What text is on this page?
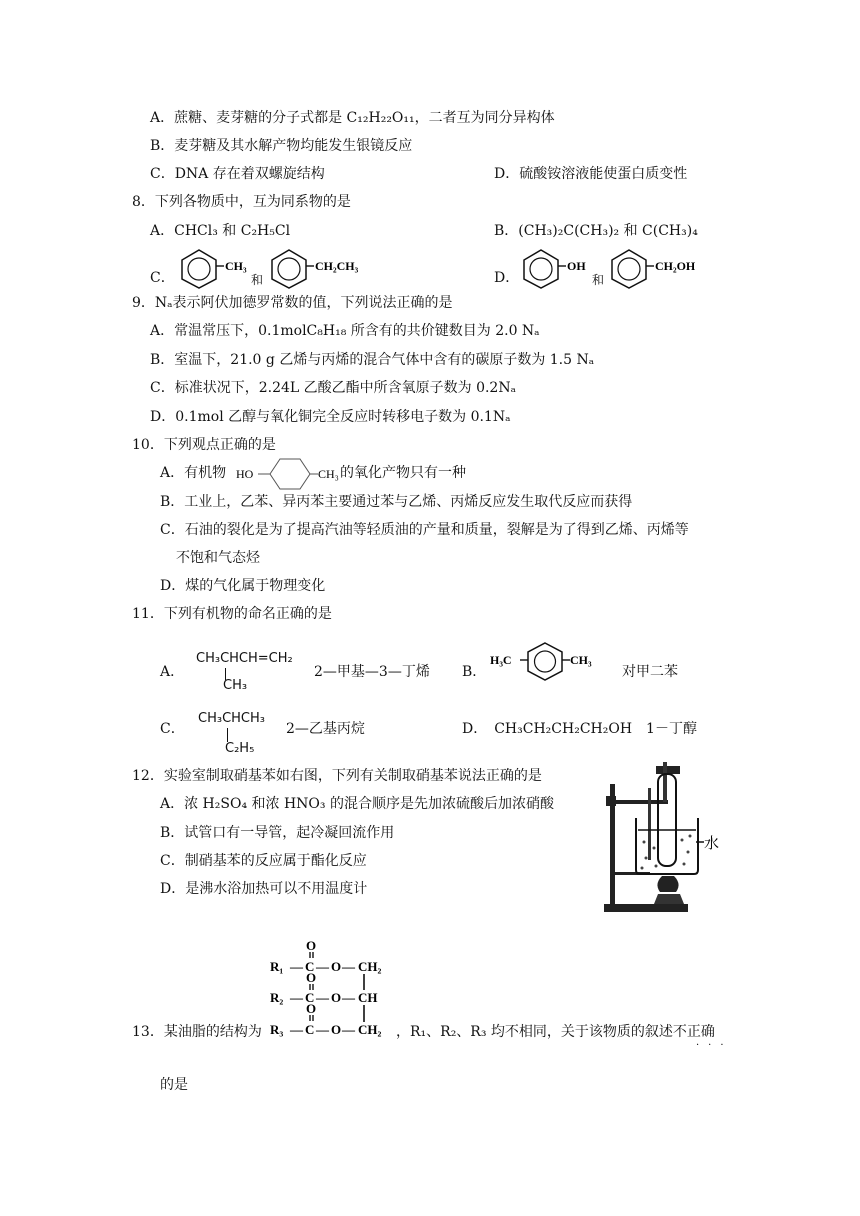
A．蔗糖、麦芽糖的分子式都是 C₁₂H₂₂O₁₁，二者互为同分异构体
B．麦芽糖及其水解产物均能发生银镜反应
C．DNA 存在着双螺旋结构	D．硫酸铵溶液能使蛋白质变性
8．下列各物质中，互为同系物的是
A．CHCl₃ 和 C₂H₅Cl	B．(CH₃)₂C(CH₃)₂ 和 C(CH₃)₄
C．
CH₃
和
CH₂CH₃
D．
OH
和
CH₂OH
9．Nₐ表示阿伏加德罗常数的值，下列说法正确的是
A．常温常压下，0.1molC₈H₁₈ 所含有的共价键数目为 2.0 Nₐ
B．室温下，21.0 g 乙烯与丙烯的混合气体中含有的碳原子数为 1.5 Nₐ
C．标准状况下，2.24L 乙酸乙酯中所含氧原子数为 0.2Nₐ
D．0.1mol 乙醇与氧化铜完全反应时转移电子数为 0.1Nₐ
10．下列观点正确的是
A．有机物 HO	CH₃ 的氧化产物只有一种
B．工业上，乙苯、异丙苯主要通过苯与乙烯、丙烯反应发生取代反应而获得
C．石油的裂化是为了提高汽油等轻质油的产量和质量，裂解是为了得到乙烯、丙烯等
不饱和气态烃
D．煤的气化属于物理变化
11．下列有机物的命名正确的是
A．
CH₃CHCH=CH₂
CH₃
2—甲基—3—丁烯 B．
H₃C	CH₃
对甲二苯
C．
CH₃CHCH₃
C₂H₅
2—乙基丙烷	D．　CH₃CH₂CH₂CH₂OH　1－丁醇
12．实验室制取硝基苯如右图，下列有关制取硝基苯说法正确的是
A．浓 H₂SO₄ 和浓 HNO₃ 的混合顺序是先加浓硫酸后加浓硝酸
B．试管口有一导管，起冷凝回流作用
C．制硝基苯的反应属于酯化反应
D．是沸水浴加热可以不用温度计
水
O
R₁ — C — O — CH₂
O
R₂ — C — O — CH
O
R₃ — C — O — CH₂
13．某油脂的结构为	，R₁、R₂、R₃ 均不相同，关于该物质的叙述不正确
···
的是
